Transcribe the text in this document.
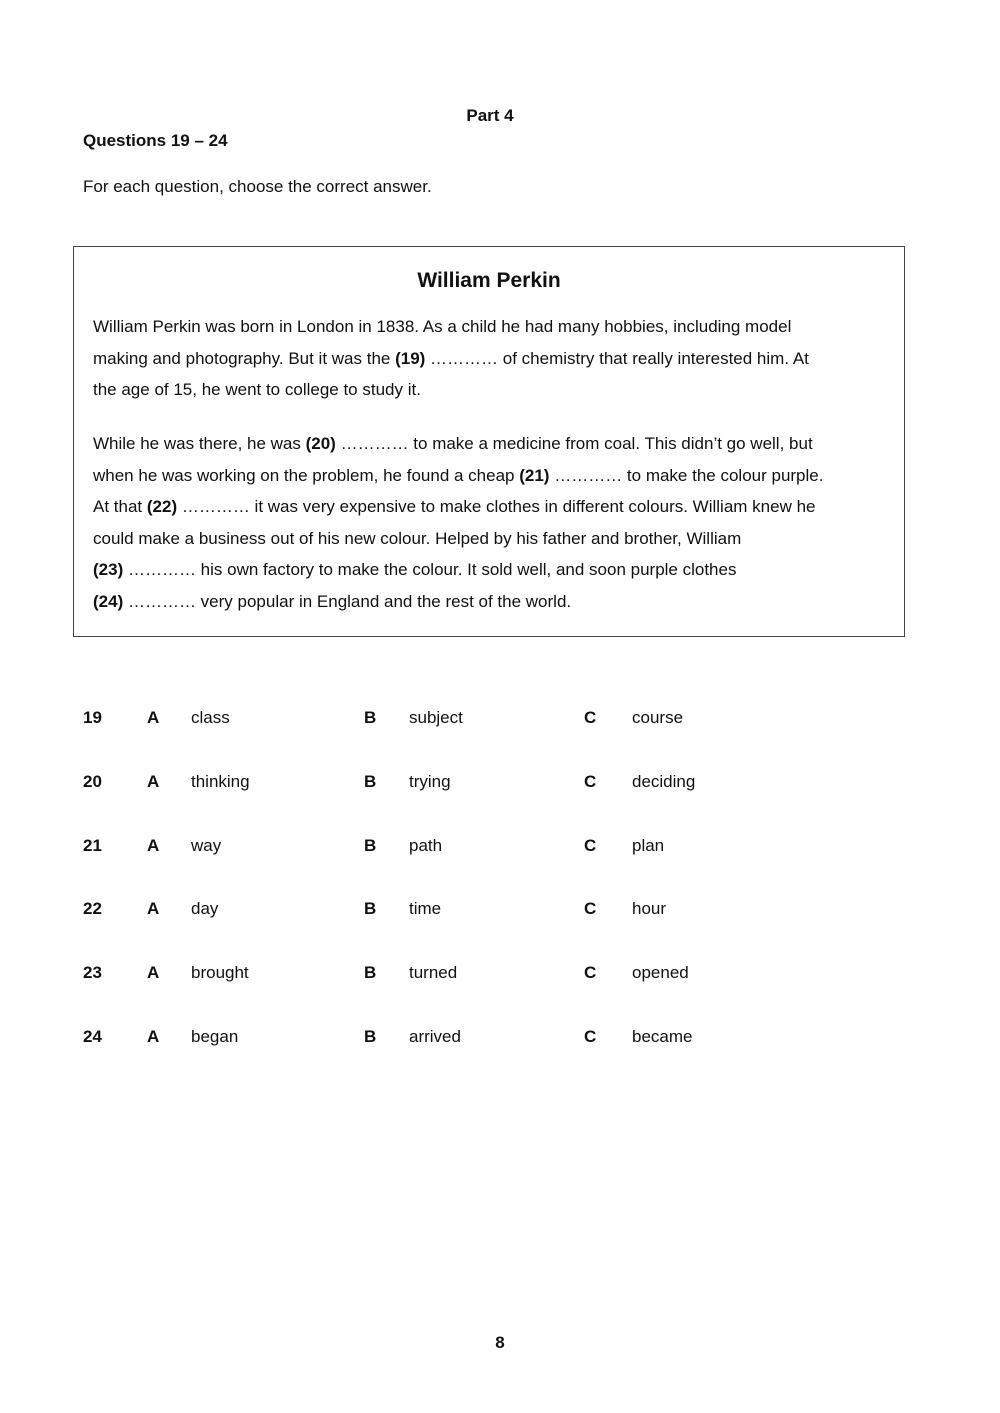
Part 4
Questions 19 – 24
For each question, choose the correct answer.
William Perkin
William Perkin was born in London in 1838. As a child he had many hobbies, including model
making and photography. But it was the (19) ………… of chemistry that really interested him. At
the age of 15, he went to college to study it.
While he was there, he was (20) ………… to make a medicine from coal. This didn’t go well, but
when he was working on the problem, he found a cheap (21) ………… to make the colour purple.
At that (22) ………… it was very expensive to make clothes in different colours. William knew he
could make a business out of his new colour. Helped by his father and brother, William
(23) ………… his own factory to make the colour. It sold well, and soon purple clothes
(24) ………… very popular in England and the rest of the world.
19	A class	B subject	C course
20	A thinking	B trying	C deciding
21	A way	B path	C plan
22	A day	B time	C hour
23	A brought	B turned	C opened
24	A began	B arrived	C became
8
